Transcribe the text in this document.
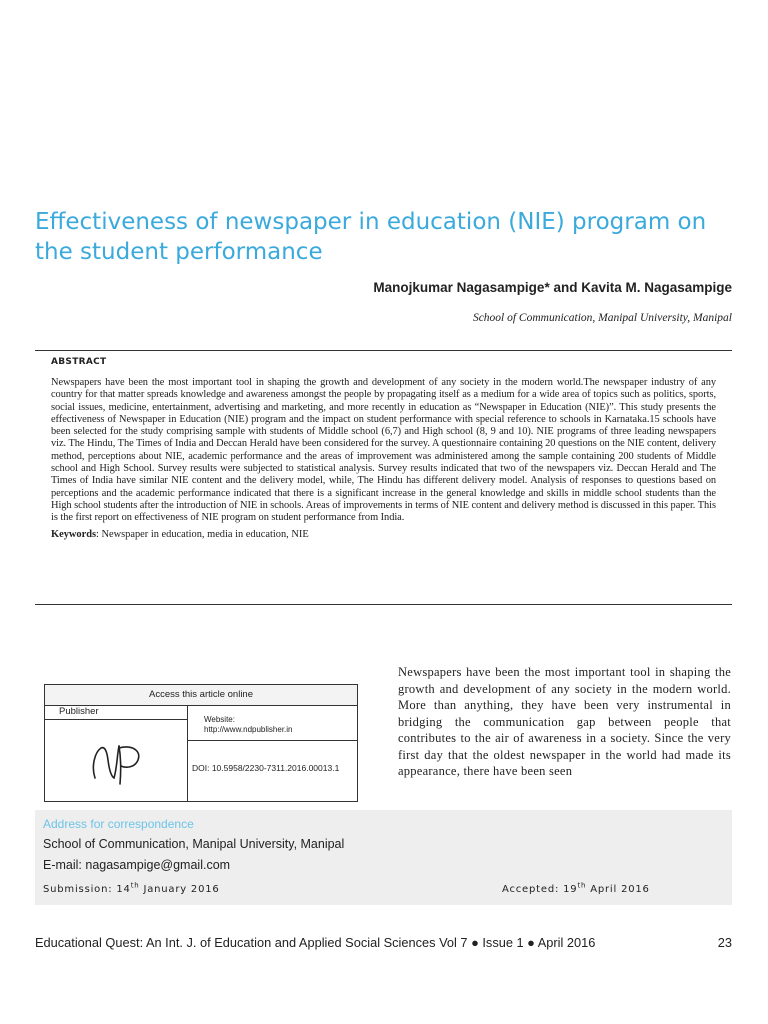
Effectiveness of newspaper in education (NIE) program on the student performance
Manojkumar Nagasampige* and Kavita M. Nagasampige
School of Communication, Manipal University, Manipal
ABSTRACT

Newspapers have been the most important tool in shaping the growth and development of any society in the modern world.The newspaper industry of any country for that matter spreads knowledge and awareness amongst the people by propagating itself as a medium for a wide area of topics such as politics, sports, social issues, medicine, entertainment, advertising and marketing, and more recently in education as “Newspaper in Education (NIE)”. This study presents the effectiveness of Newspaper in Education (NIE) program and the impact on student performance with special reference to schools in Karnataka.15 schools have been selected for the study comprising sample with students of Middle school (6,7) and High school (8, 9 and 10). NIE programs of three leading newspapers viz. The Hindu, The Times of India and Deccan Herald have been considered for the survey. A questionnaire containing 20 questions on the NIE content, delivery method, perceptions about NIE, academic performance and the areas of improvement was administered among the sample containing 200 students of Middle school and High School. Survey results were subjected to statistical analysis. Survey results indicated that two of the newspapers viz. Deccan Herald and The Times of India have similar NIE content and the delivery model, while, The Hindu has different delivery model. Analysis of responses to questions based on perceptions and the academic performance indicated that there is a significant increase in the general knowledge and skills in middle school students than the High school students after the introduction of NIE in schools. Areas of improvements in terms of NIE content and delivery method is discussed in this paper. This is the first report on effectiveness of NIE program on student performance from India.

Keywords: Newspaper in education, media in education, NIE

Access this article online
Publisher
Website:
http://www.ndpublisher.in
DOI: 10.5958/2230-7311.2016.00013.1

Newspapers have been the most important tool in shaping the growth and development of any society in the modern world. More than anything, they have been very instrumental in bridging the communication gap between people that contributes to the air of awareness in a society. Since the very first day that the oldest newspaper in the world had made its appearance, there have been seen

Address for correspondence
School of Communication, Manipal University, Manipal
E-mail: nagasampige@gmail.com
Submission: 14th January 2016	Accepted: 19th April 2016
Educational Quest: An Int. J. of Education and Applied Social Sciences Vol 7 ● Issue 1 ● April 2016	23
